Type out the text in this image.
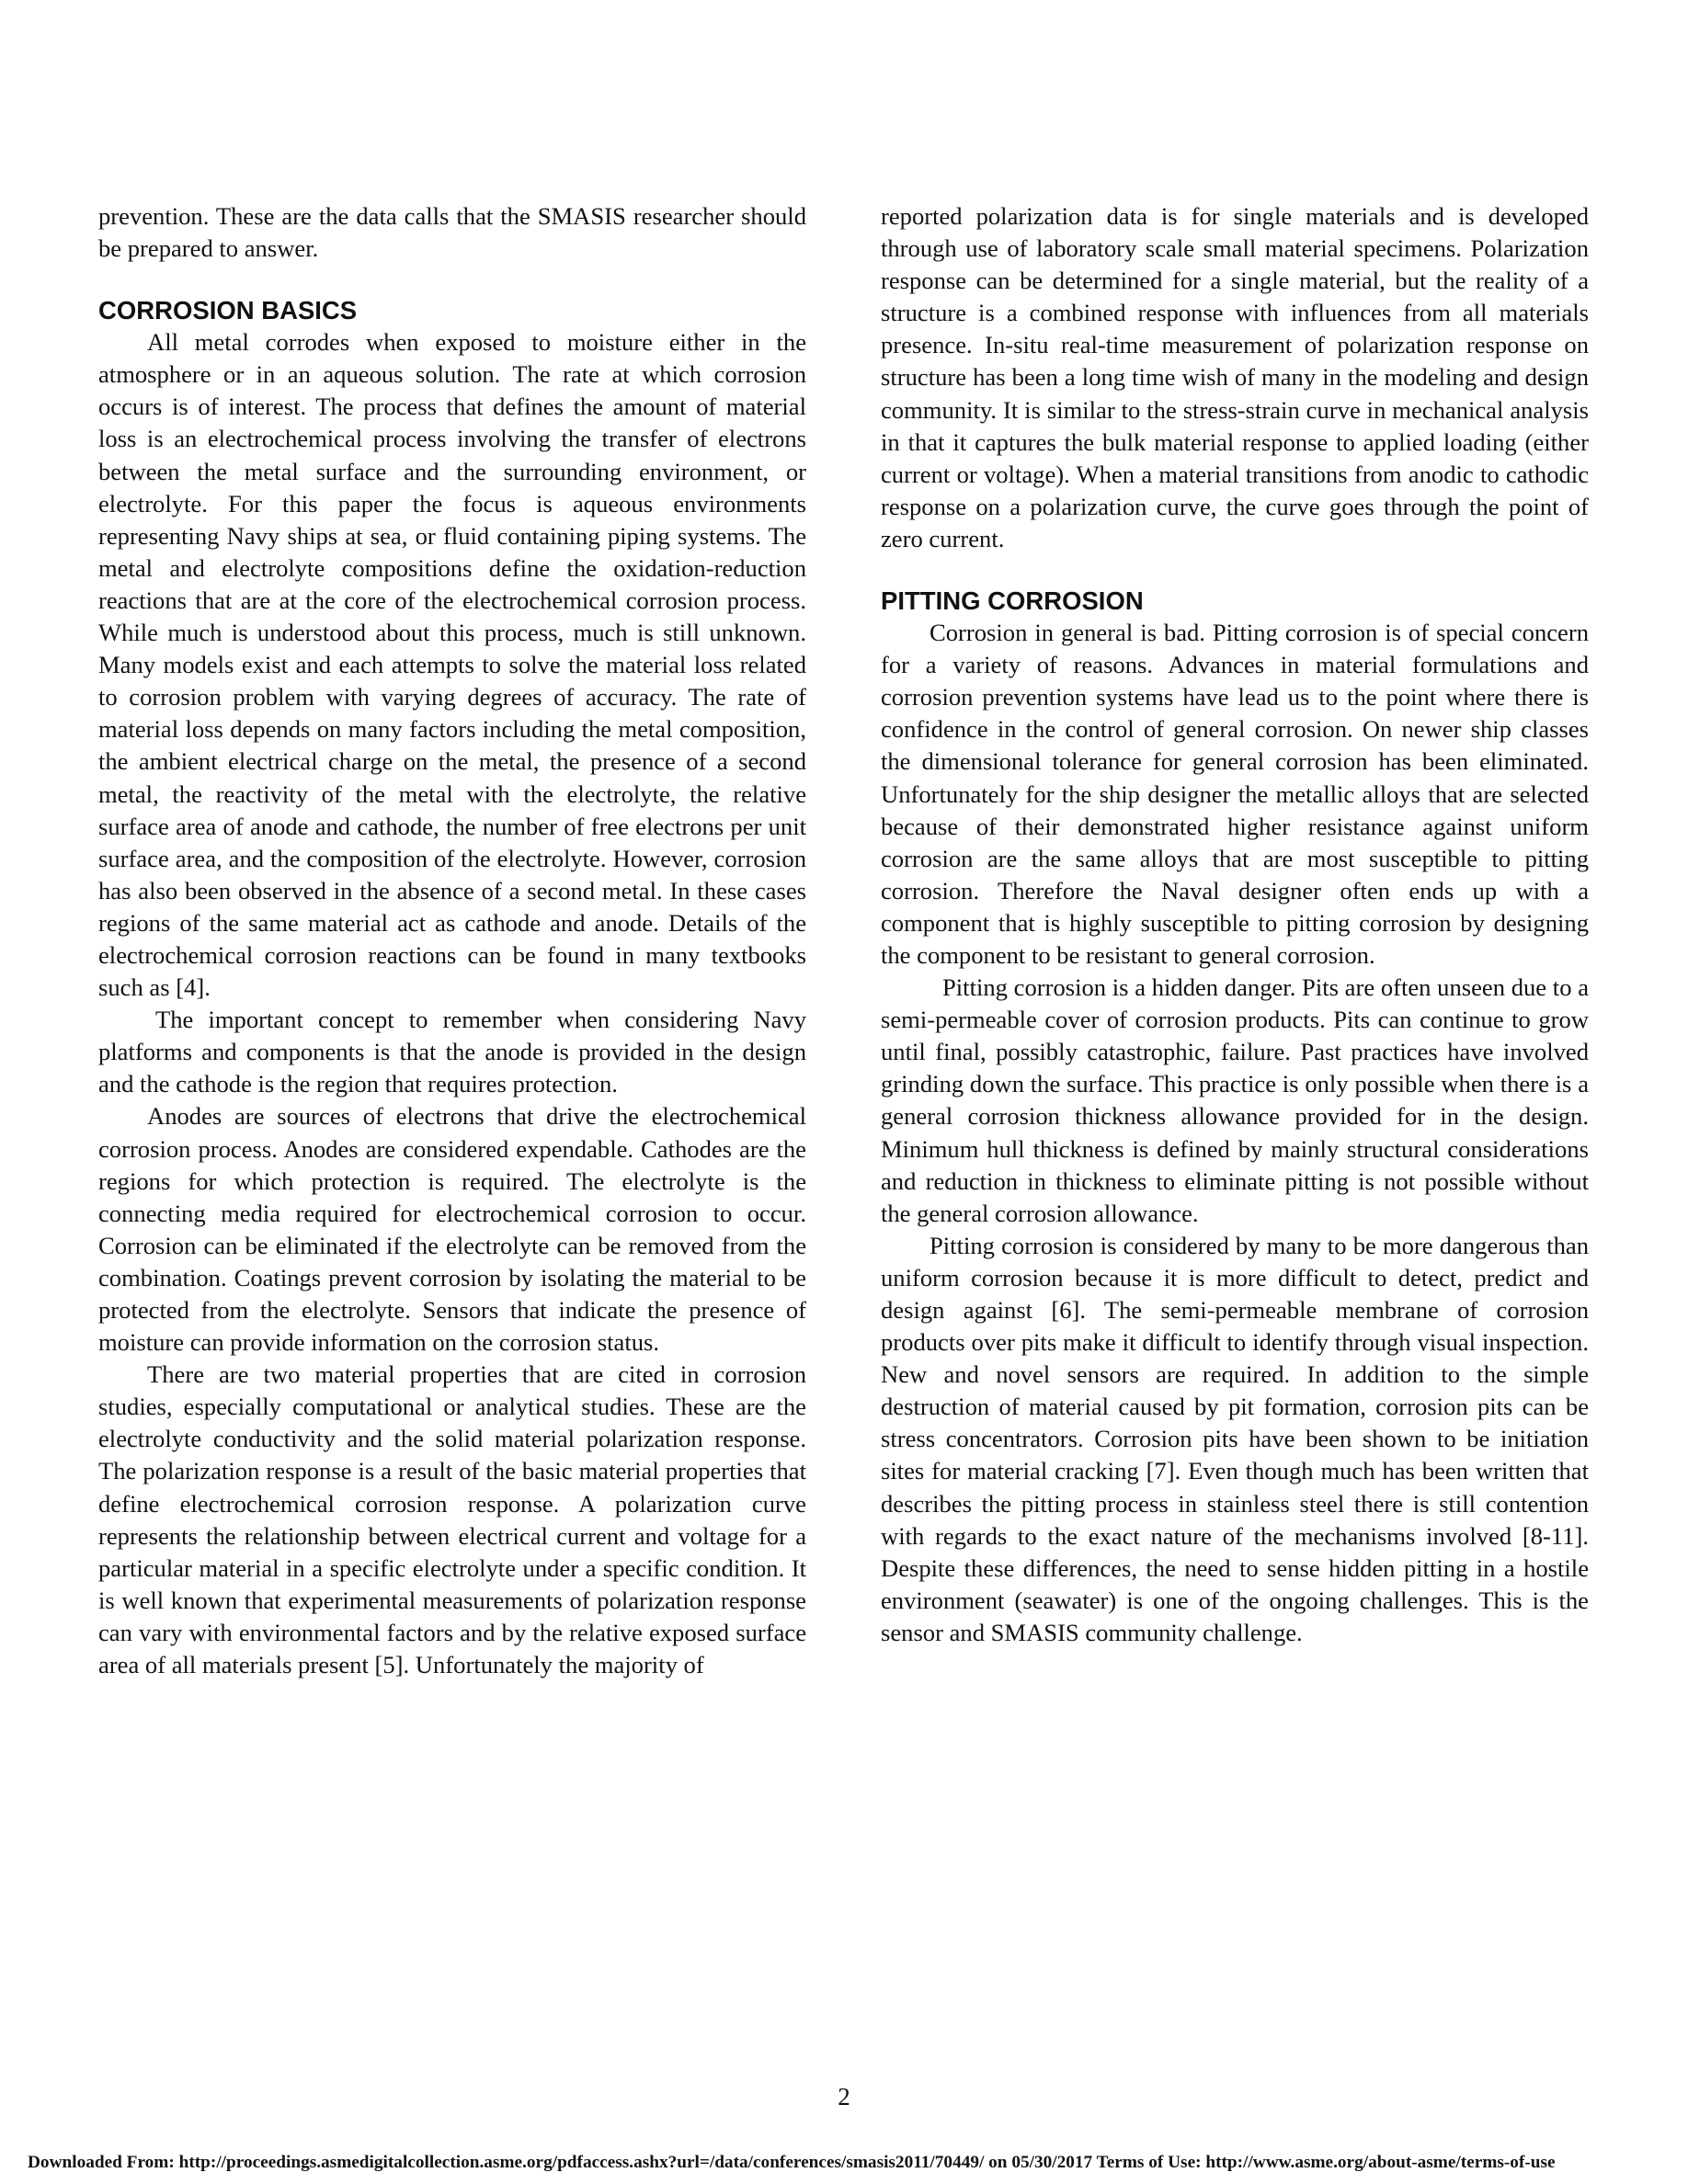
prevention. These are the data calls that the SMASIS researcher should be prepared to answer.

CORROSION BASICS

All metal corrodes when exposed to moisture either in the atmosphere or in an aqueous solution. The rate at which corrosion occurs is of interest. The process that defines the amount of material loss is an electrochemical process involving the transfer of electrons between the metal surface and the surrounding environment, or electrolyte. For this paper the focus is aqueous environments representing Navy ships at sea, or fluid containing piping systems. The metal and electrolyte compositions define the oxidation-reduction reactions that are at the core of the electrochemical corrosion process. While much is understood about this process, much is still unknown. Many models exist and each attempts to solve the material loss related to corrosion problem with varying degrees of accuracy. The rate of material loss depends on many factors including the metal composition, the ambient electrical charge on the metal, the presence of a second metal, the reactivity of the metal with the electrolyte, the relative surface area of anode and cathode, the number of free electrons per unit surface area, and the composition of the electrolyte. However, corrosion has also been observed in the absence of a second metal. In these cases regions of the same material act as cathode and anode. Details of the electrochemical corrosion reactions can be found in many textbooks such as [4].

The important concept to remember when considering Navy platforms and components is that the anode is provided in the design and the cathode is the region that requires protection.

Anodes are sources of electrons that drive the electrochemical corrosion process. Anodes are considered expendable. Cathodes are the regions for which protection is required. The electrolyte is the connecting media required for electrochemical corrosion to occur. Corrosion can be eliminated if the electrolyte can be removed from the combination. Coatings prevent corrosion by isolating the material to be protected from the electrolyte. Sensors that indicate the presence of moisture can provide information on the corrosion status.

There are two material properties that are cited in corrosion studies, especially computational or analytical studies. These are the electrolyte conductivity and the solid material polarization response. The polarization response is a result of the basic material properties that define electrochemical corrosion response. A polarization curve represents the relationship between electrical current and voltage for a particular material in a specific electrolyte under a specific condition. It is well known that experimental measurements of polarization response can vary with environmental factors and by the relative exposed surface area of all materials present [5]. Unfortunately the majority of

reported polarization data is for single materials and is developed through use of laboratory scale small material specimens. Polarization response can be determined for a single material, but the reality of a structure is a combined response with influences from all materials presence. In-situ real-time measurement of polarization response on structure has been a long time wish of many in the modeling and design community. It is similar to the stress-strain curve in mechanical analysis in that it captures the bulk material response to applied loading (either current or voltage). When a material transitions from anodic to cathodic response on a polarization curve, the curve goes through the point of zero current.

PITTING CORROSION

Corrosion in general is bad. Pitting corrosion is of special concern for a variety of reasons. Advances in material formulations and corrosion prevention systems have lead us to the point where there is confidence in the control of general corrosion. On newer ship classes the dimensional tolerance for general corrosion has been eliminated. Unfortunately for the ship designer the metallic alloys that are selected because of their demonstrated higher resistance against uniform corrosion are the same alloys that are most susceptible to pitting corrosion. Therefore the Naval designer often ends up with a component that is highly susceptible to pitting corrosion by designing the component to be resistant to general corrosion.

Pitting corrosion is a hidden danger. Pits are often unseen due to a semi-permeable cover of corrosion products. Pits can continue to grow until final, possibly catastrophic, failure. Past practices have involved grinding down the surface. This practice is only possible when there is a general corrosion thickness allowance provided for in the design. Minimum hull thickness is defined by mainly structural considerations and reduction in thickness to eliminate pitting is not possible without the general corrosion allowance.

Pitting corrosion is considered by many to be more dangerous than uniform corrosion because it is more difficult to detect, predict and design against [6]. The semi-permeable membrane of corrosion products over pits make it difficult to identify through visual inspection. New and novel sensors are required. In addition to the simple destruction of material caused by pit formation, corrosion pits can be stress concentrators. Corrosion pits have been shown to be initiation sites for material cracking [7]. Even though much has been written that describes the pitting process in stainless steel there is still contention with regards to the exact nature of the mechanisms involved [8-11]. Despite these differences, the need to sense hidden pitting in a hostile environment (seawater) is one of the ongoing challenges. This is the sensor and SMASIS community challenge.

2
Downloaded From: http://proceedings.asmedigitalcollection.asme.org/pdfaccess.ashx?url=/data/conferences/smasis2011/70449/ on 05/30/2017 Terms of Use: http://www.asme.org/about-asme/terms-of-use
